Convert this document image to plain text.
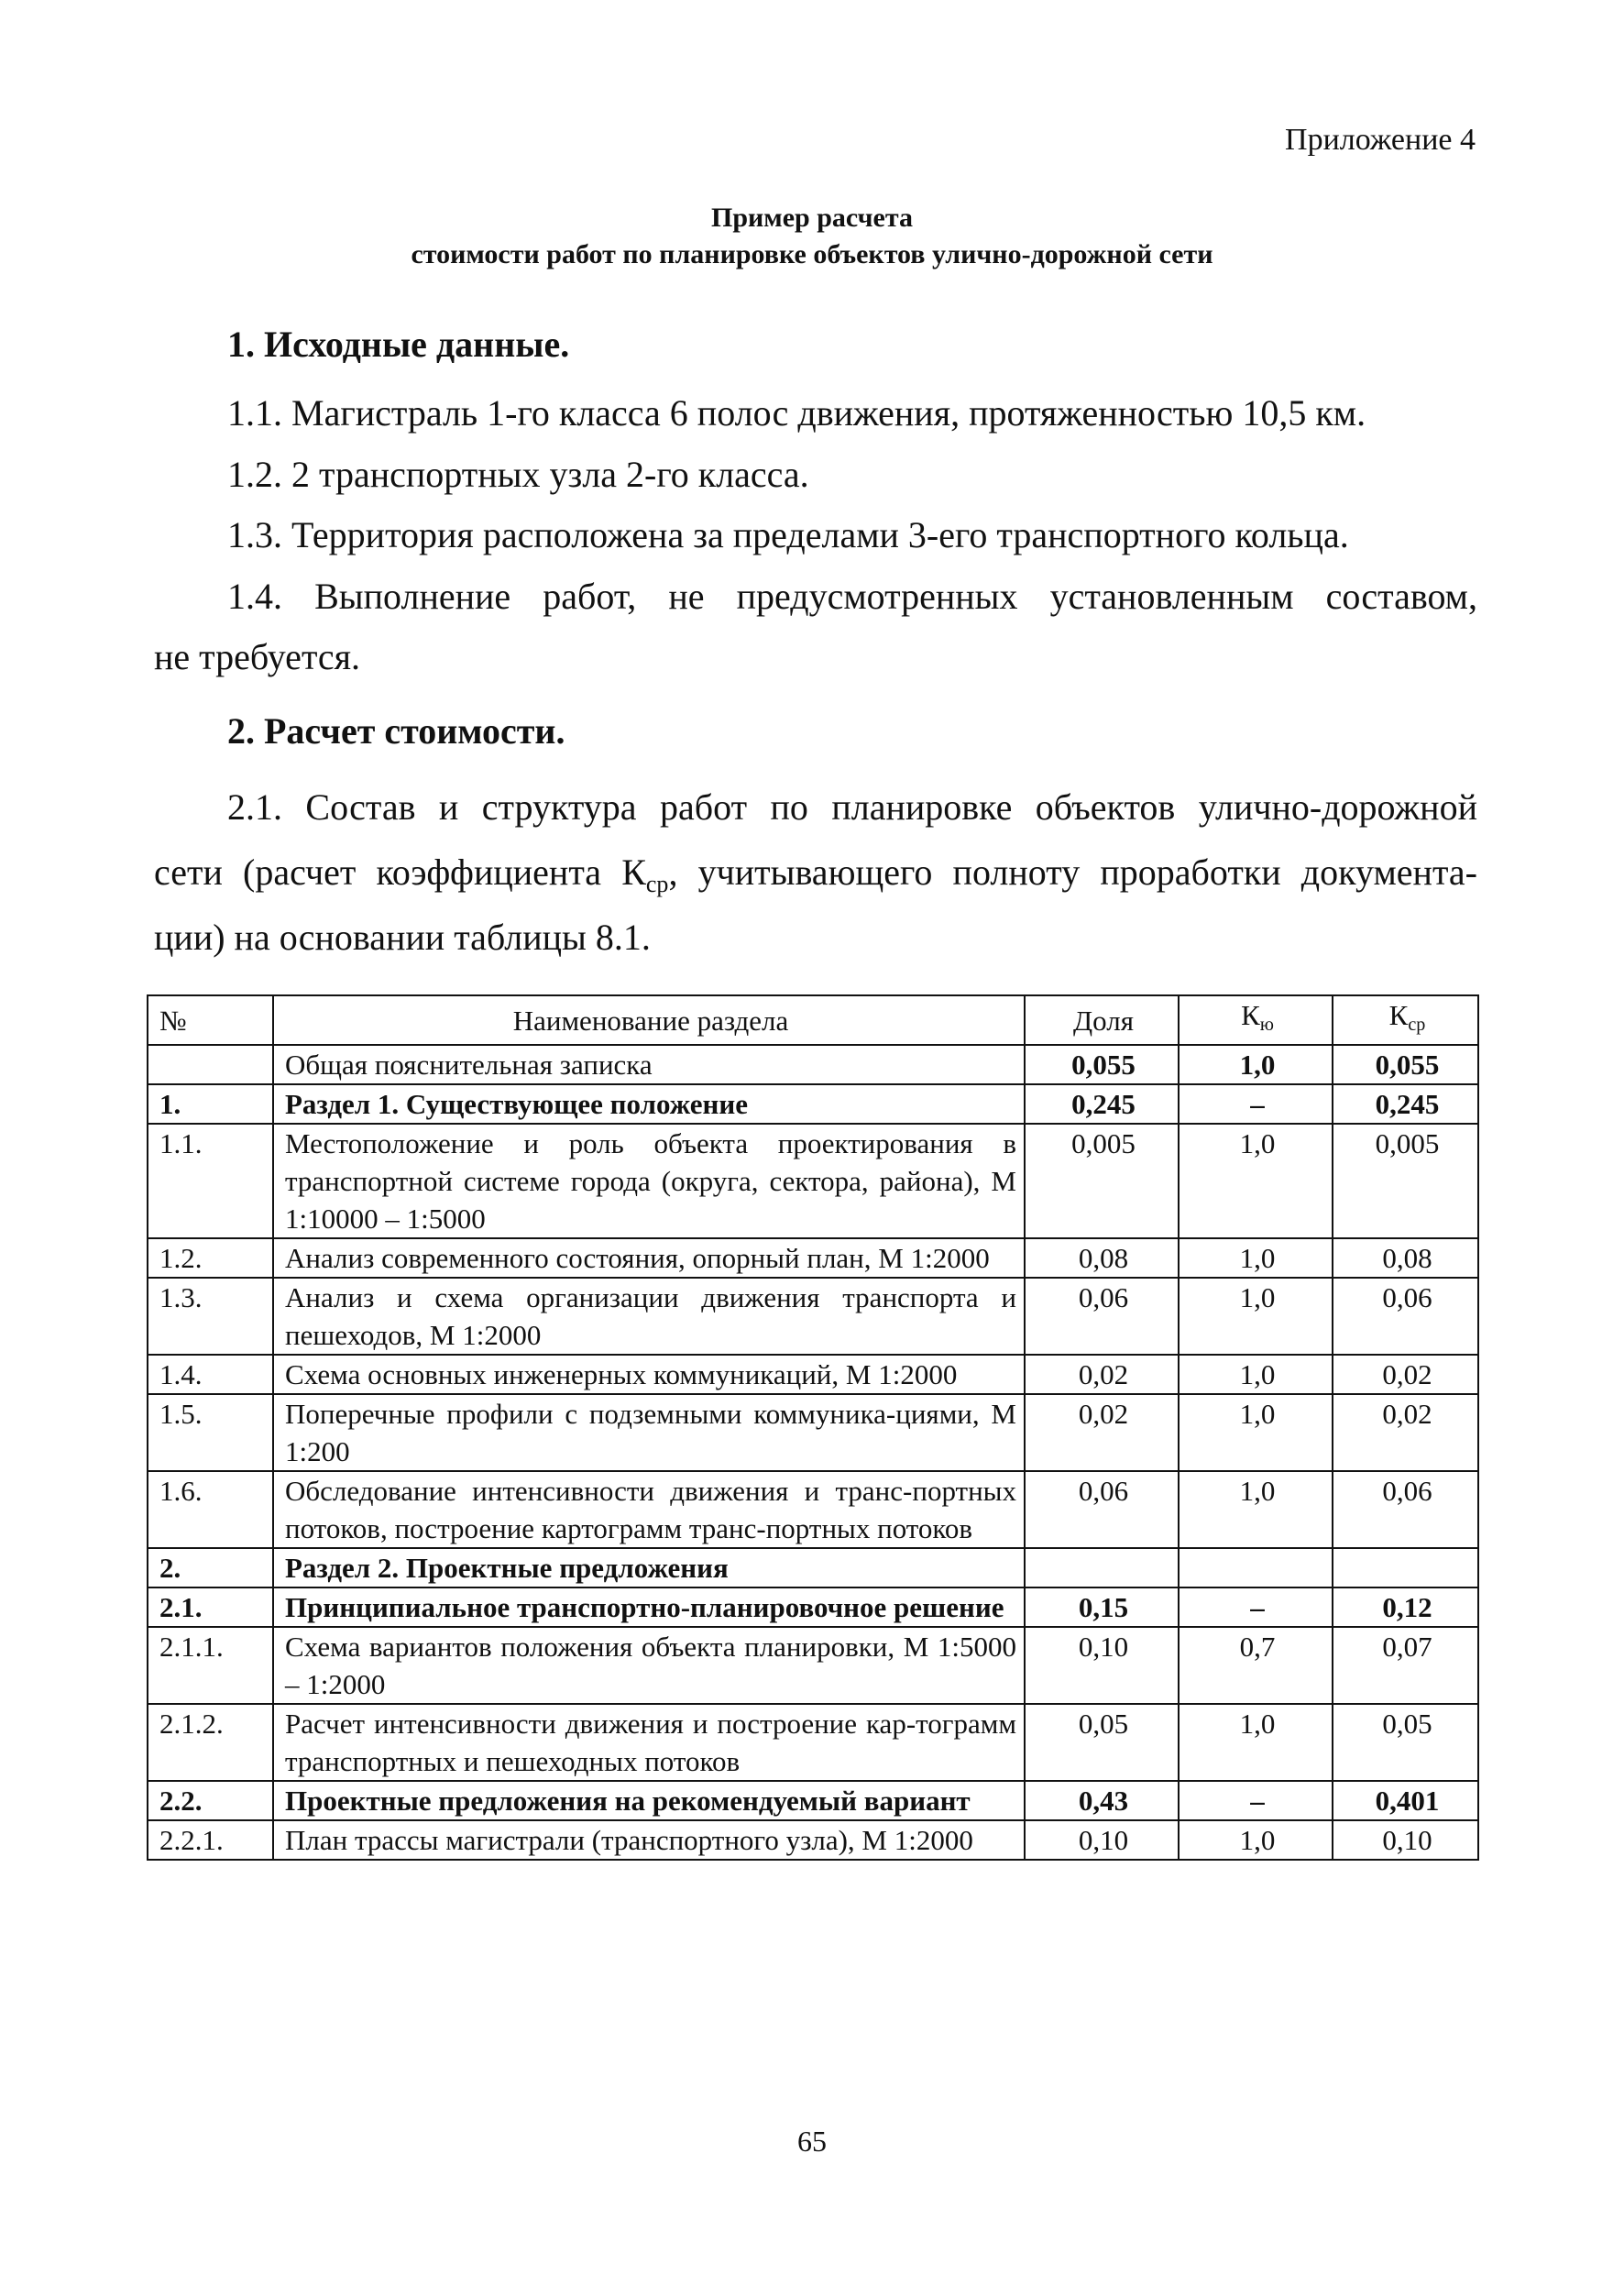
Приложение 4
Пример расчета
стоимости работ по планировке объектов улично-дорожной сети
1. Исходные данные.
1.1. Магистраль 1-го класса 6 полос движения, протяженностью 10,5 км.
1.2. 2 транспортных узла 2-го класса.
1.3. Территория расположена за пределами 3-его транспортного кольца.
1.4. Выполнение работ, не предусмотренных установленным составом,
не требуется.
2. Расчет стоимости.
2.1. Состав и структура работ по планировке объектов улично-дорожной
сети (расчет коэффициента $К_{ср}$, учитывающего полноту проработки документа-
ции) на основании таблицы 8.1.
№	Наименование раздела	Доля	$К_ю$	$К_{ср}$
	Общая пояснительная записка	0,055	1,0	0,055
1.	Раздел 1. Существующее положение	0,245	–	0,245
1.1.	Местоположение и роль объекта проектирования в транспортной системе города (округа, сектора, района), М 1:10000 – 1:5000	0,005	1,0	0,005
1.2.	Анализ современного состояния, опорный план, М 1:2000	0,08	1,0	0,08
1.3.	Анализ и схема организации движения транспорта и пешеходов, М 1:2000	0,06	1,0	0,06
1.4.	Схема основных инженерных коммуникаций, М 1:2000	0,02	1,0	0,02
1.5.	Поперечные профили с подземными коммуника-циями, М 1:200	0,02	1,0	0,02
1.6.	Обследование интенсивности движения и транс-портных потоков, построение картограмм транс-портных потоков	0,06	1,0	0,06
2.	Раздел 2. Проектные предложения			
2.1.	Принципиальное транспортно-планировочное решение	0,15	–	0,12
2.1.1.	Схема вариантов положения объекта планировки, М 1:5000 – 1:2000	0,10	0,7	0,07
2.1.2.	Расчет интенсивности движения и построение кар-тограмм транспортных и пешеходных потоков	0,05	1,0	0,05
2.2.	Проектные предложения на рекомендуемый вариант	0,43	–	0,401
2.2.1.	План трассы магистрали (транспортного узла), М 1:2000	0,10	1,0	0,10
65
